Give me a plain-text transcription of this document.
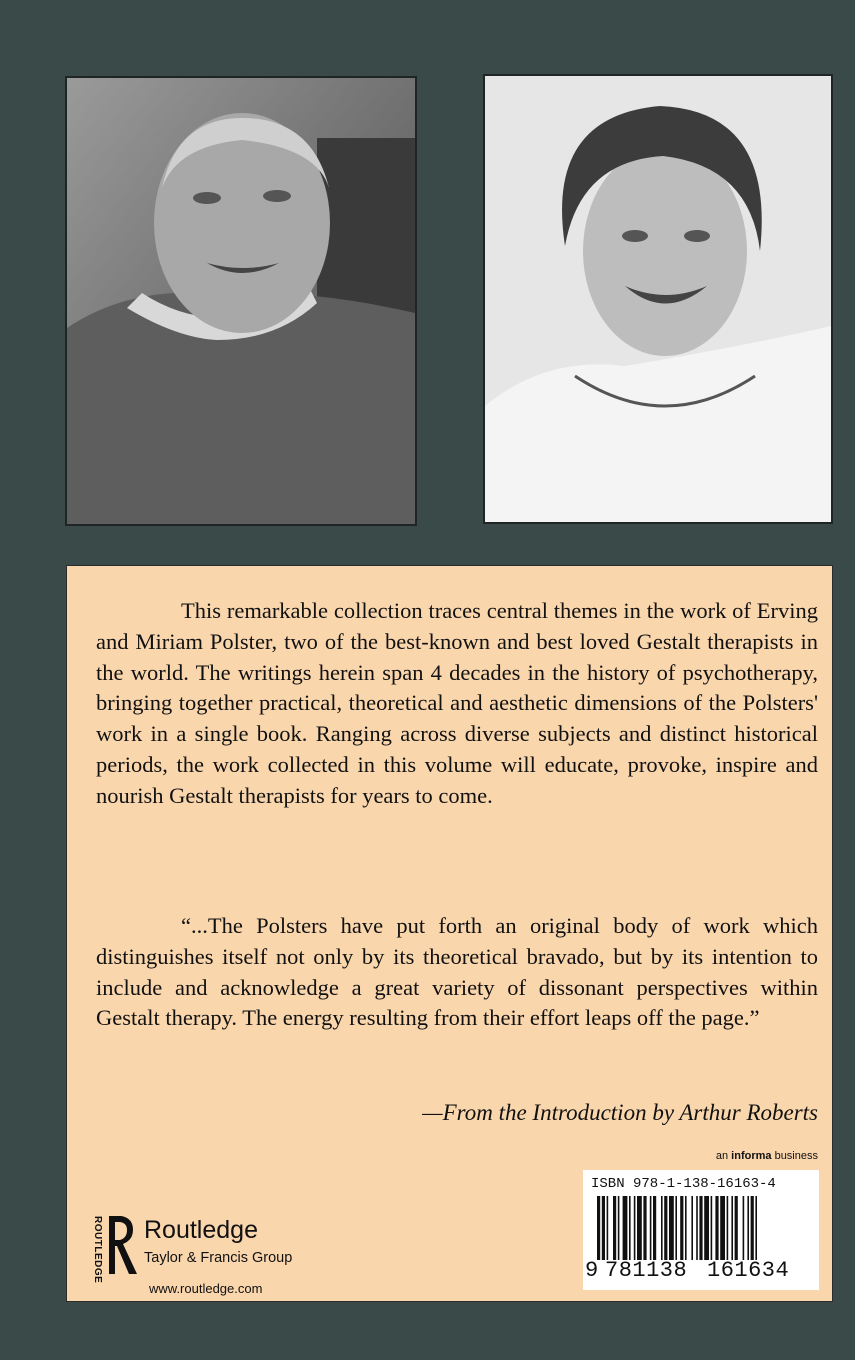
This remarkable collection traces central themes in the work of Erving and Miriam Polster, two of the best-known and best loved Gestalt therapists in the world. The writings herein span 4 decades in the history of psychotherapy, bringing together practical, theoretical and aesthetic dimensions of the Polsters' work in a single book. Ranging across diverse subjects and distinct historical periods, the work collected in this volume will educate, provoke, inspire and nourish Gestalt therapists for years to come.

“...The Polsters have put forth an original body of work which distinguishes itself not only by its theoretical bravado, but by its intention to include and acknowledge a great variety of dissonant perspectives within Gestalt therapy. The energy resulting from their effort leaps off the page.”

—From the Introduction by Arthur Roberts
an informa business
ROUTLEDGE Routledge
Taylor & Francis Group
www.routledge.com
ISBN 978-1-138-16163-4
9 781138 161634
